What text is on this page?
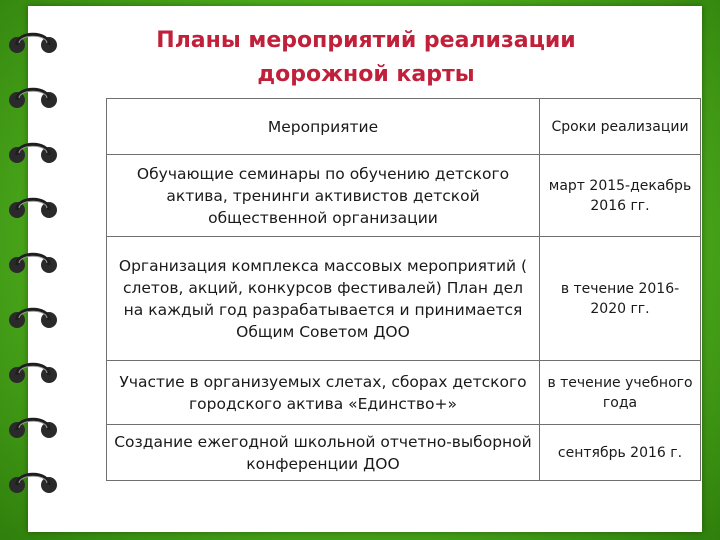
Планы мероприятий реализации дорожной карты
Мероприятие	Сроки реализации
Обучающие семинары по обучению детского актива, тренинги активистов детской общественной организации	март 2015-декабрь 2016 гг.
Организация комплекса массовых мероприятий ( слетов, акций, конкурсов фестивалей) План дел на каждый год разрабатывается и принимается Общим Советом ДОО	в течение 2016-2020 гг.
Участие в организуемых слетах, сборах детского городского актива «Единство+»	в течение учебного года
Создание ежегодной школьной отчетно-выборной конференции ДОО	сентябрь 2016 г.
